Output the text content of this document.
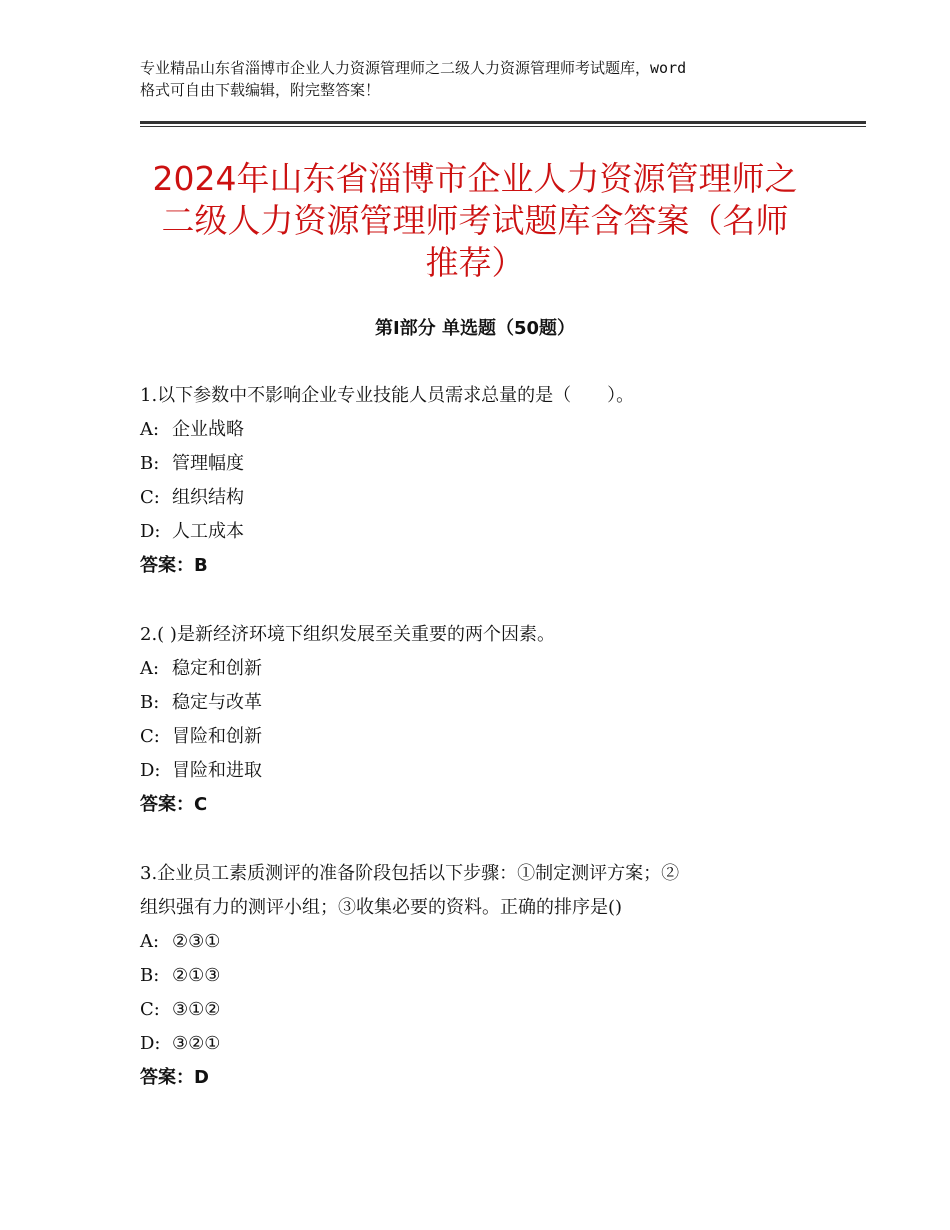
专业精品山东省淄博市企业人力资源管理师之二级人力资源管理师考试题库，word
格式可自由下载编辑，附完整答案！
2024年山东省淄博市企业人力资源管理师之
二级人力资源管理师考试题库含答案（名师
推荐）
第Ⅰ部分 单选题（50题）
1.以下参数中不影响企业专业技能人员需求总量的是（　　）。
A: 企业战略
B: 管理幅度
C: 组织结构
D: 人工成本
答案：B
2.( )是新经济环境下组织发展至关重要的两个因素。
A: 稳定和创新
B: 稳定与改革
C: 冒险和创新
D: 冒险和进取
答案：C
3.企业员工素质测评的准备阶段包括以下步骤：①制定测评方案；②
组织强有力的测评小组；③收集必要的资料。正确的排序是()
A: ②③①
B: ②①③
C: ③①②
D: ③②①
答案：D
